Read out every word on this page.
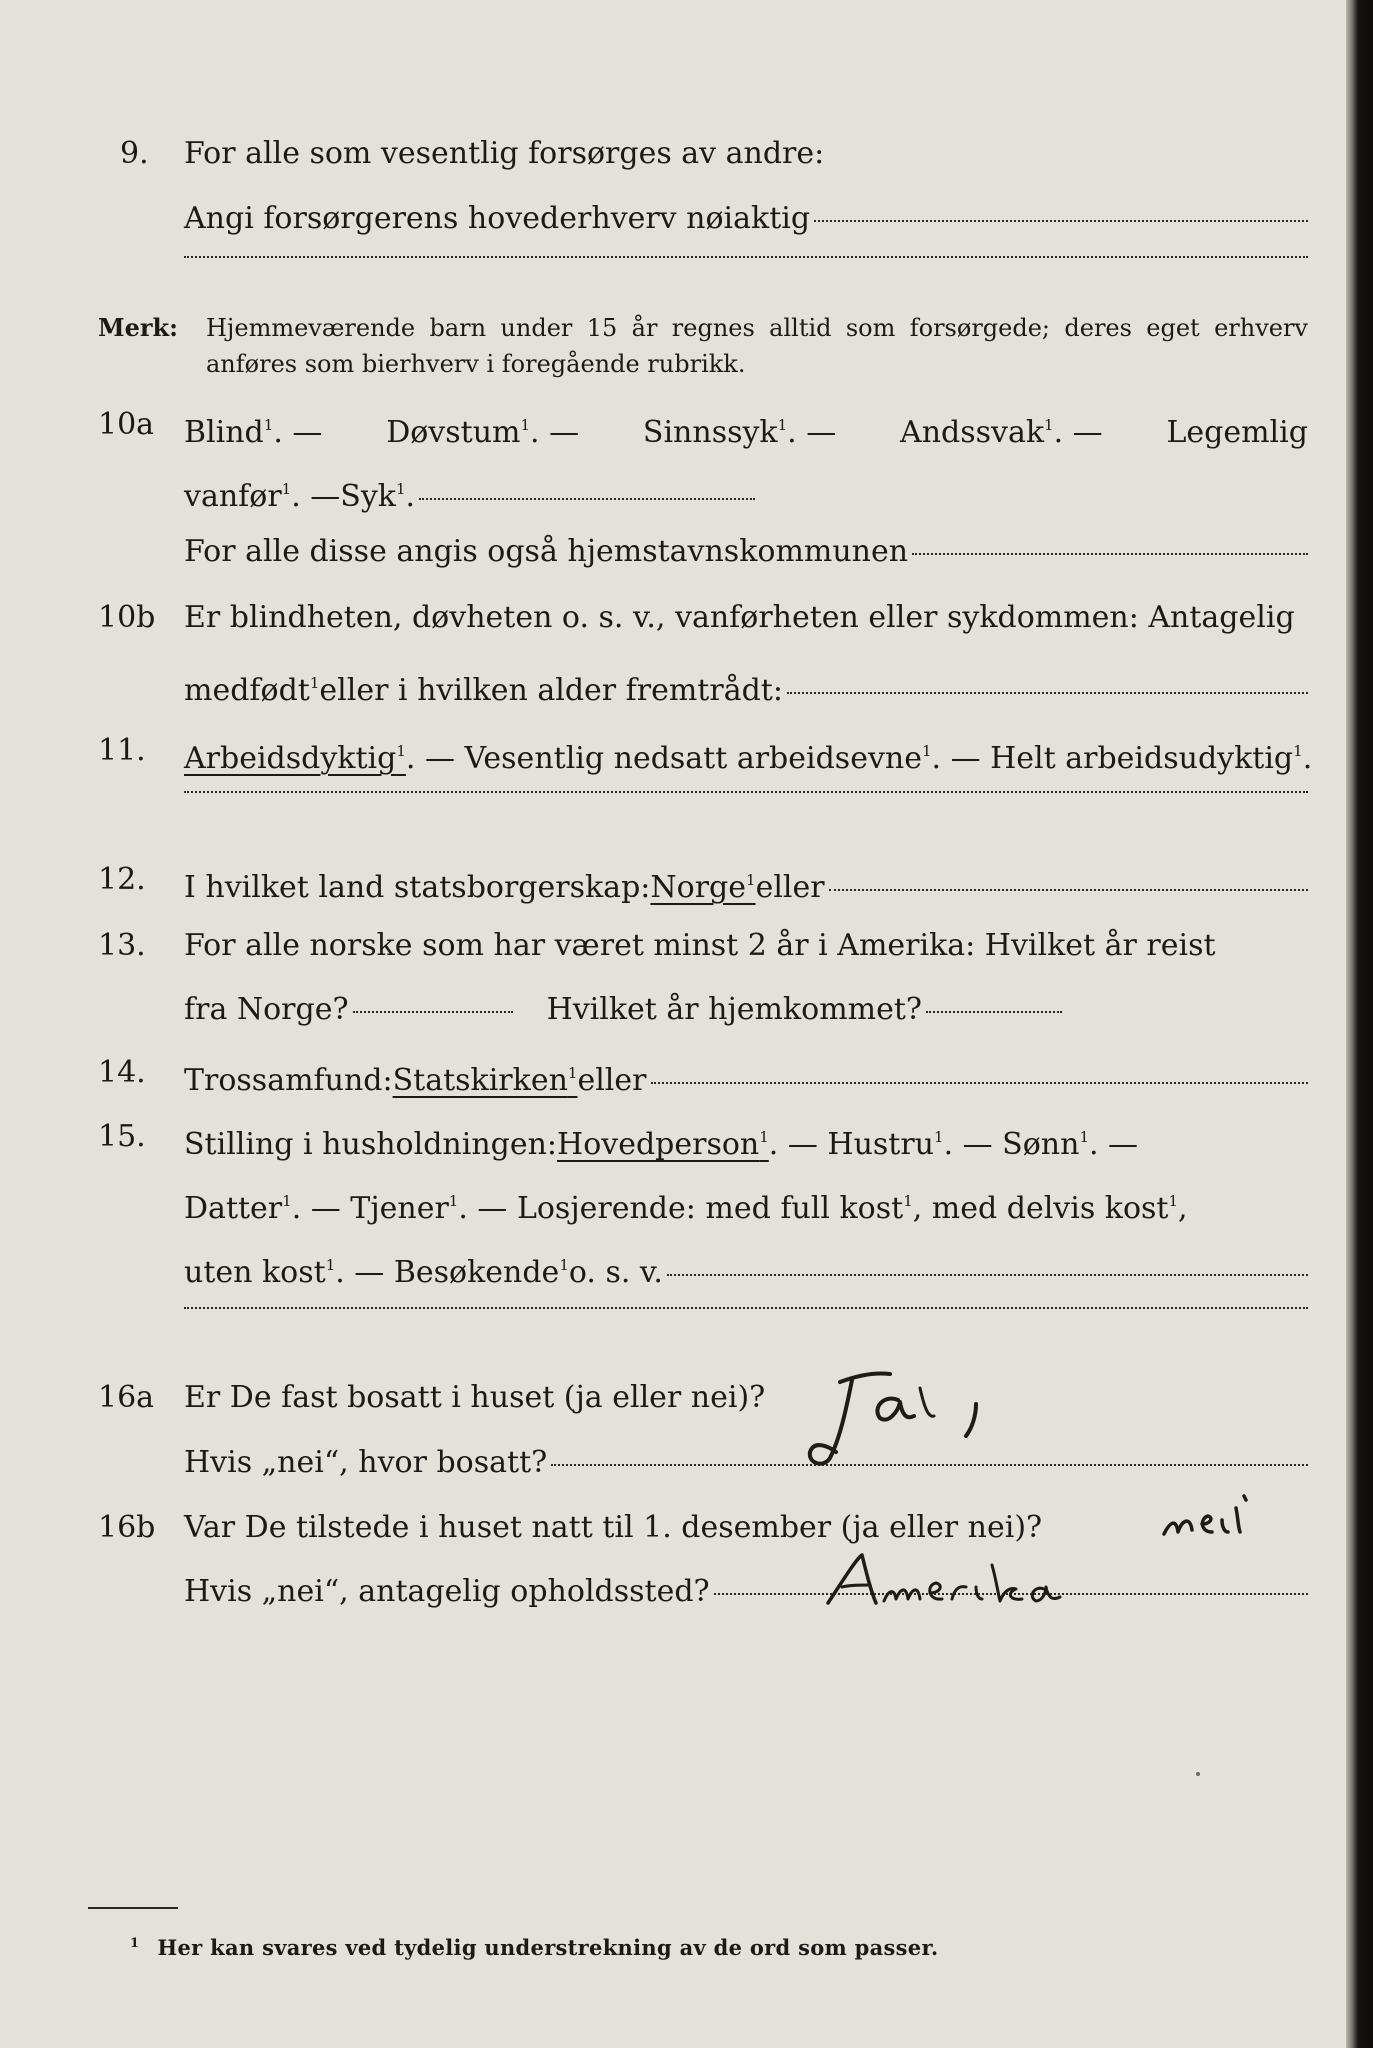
9. For alle som vesentlig forsørges av andre:
Angi forsørgerens hovederhverv nøiaktig
Merk: Hjemmeværende barn under 15 år regnes alltid som forsørgede; deres eget erhverv
anføres som bierhverv i foregående rubrikk.
10a Blind$^1$. — Døvstum$^1$. — Sinnssyk$^1$. — Andssvak$^1$. — Legemlig
vanfør$^1$. — Syk$^1$.
For alle disse angis også hjemstavnskommunen
10b Er blindheten, døvheten o. s. v., vanførheten eller sykdommen: Antagelig
medfødt$^1$ eller i hvilken alder fremtrådt:
11. Arbeidsdyktig$^1$ . — Vesentlig nedsatt arbeidsevne$^1$ . — Helt arbeidsudyktig$^1$.
12. I hvilket land statsborgerskap: Norge$^1$ eller
13. For alle norske som har været minst 2 år i Amerika: Hvilket år reist
fra Norge?	Hvilket år hjemkommet?
14. Trossamfund: Statskirken$^1$ eller
15. Stilling i husholdningen: Hovedperson$^1$ . — Hustru$^1$ . — Sønn$^1$. —
Datter$^1$ . — Tjener$^1$ . — Losjerende: med full kost$^1$ , med delvis kost$^1$,
uten kost$^1$ . — Besøkende$^1$ o. s. v.
16a Er De fast bosatt i huset (ja eller nei)?
Hvis „nei“, hvor bosatt?
16b Var De tilstede i huset natt til 1. desember (ja eller nei)?
Hvis „nei“, antagelig opholdssted?
$^1$ Her kan svares ved tydelig understrekning av de ord som passer.
